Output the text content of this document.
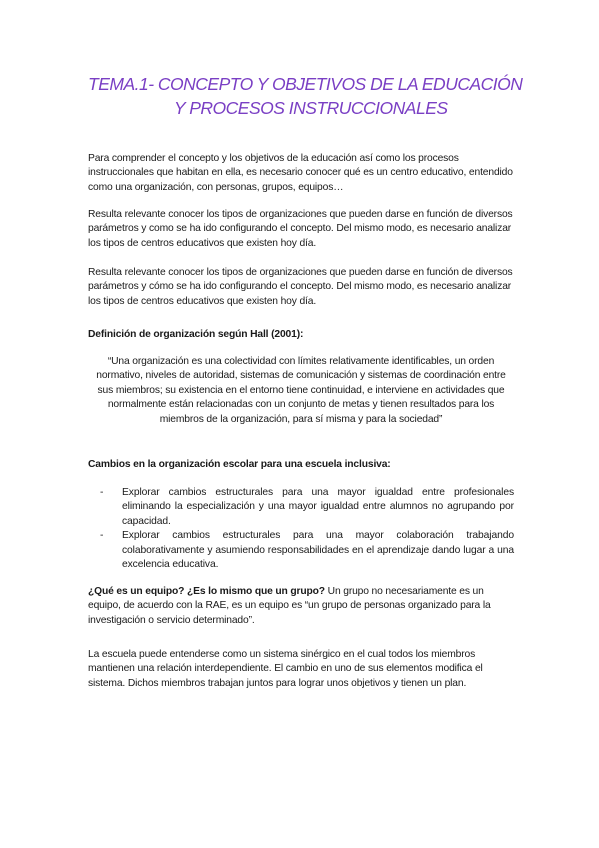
TEMA.1- CONCEPTO Y OBJETIVOS DE LA EDUCACIÓN
Y PROCESOS INSTRUCCIONALES

Para comprender el concepto y los objetivos de la educación así como los procesos instruccionales que habitan en ella, es necesario conocer qué es un centro educativo, entendido como una organización, con personas, grupos, equipos…

Resulta relevante conocer los tipos de organizaciones que pueden darse en función de diversos parámetros y como se ha ido configurando el concepto. Del mismo modo, es necesario analizar los tipos de centros educativos que existen hoy día.

Resulta relevante conocer los tipos de organizaciones que pueden darse en función de diversos parámetros y cómo se ha ido configurando el concepto. Del mismo modo, es necesario analizar los tipos de centros educativos que existen hoy día.

Definición de organización según Hall (2001):

“Una organización es una colectividad con límites relativamente identificables, un orden normativo, niveles de autoridad, sistemas de comunicación y sistemas de coordinación entre sus miembros; su existencia en el entorno tiene continuidad, e interviene en actividades que normalmente están relacionadas con un conjunto de metas y tienen resultados para los miembros de la organización, para sí misma y para la sociedad”

Cambios en la organización escolar para una escuela inclusiva:

- Explorar cambios estructurales para una mayor igualdad entre profesionales eliminando la especialización y una mayor igualdad entre alumnos no agrupando por capacidad.
- Explorar cambios estructurales para una mayor colaboración trabajando colaborativamente y asumiendo responsabilidades en el aprendizaje dando lugar a una excelencia educativa.

¿Qué es un equipo? ¿Es lo mismo que un grupo? Un grupo no necesariamente es un equipo, de acuerdo con la RAE, es un equipo es “un grupo de personas organizado para la investigación o servicio determinado”.

La escuela puede entenderse como un sistema sinérgico en el cual todos los miembros mantienen una relación interdependiente. El cambio en uno de sus elementos modifica el sistema. Dichos miembros trabajan juntos para lograr unos objetivos y tienen un plan.
